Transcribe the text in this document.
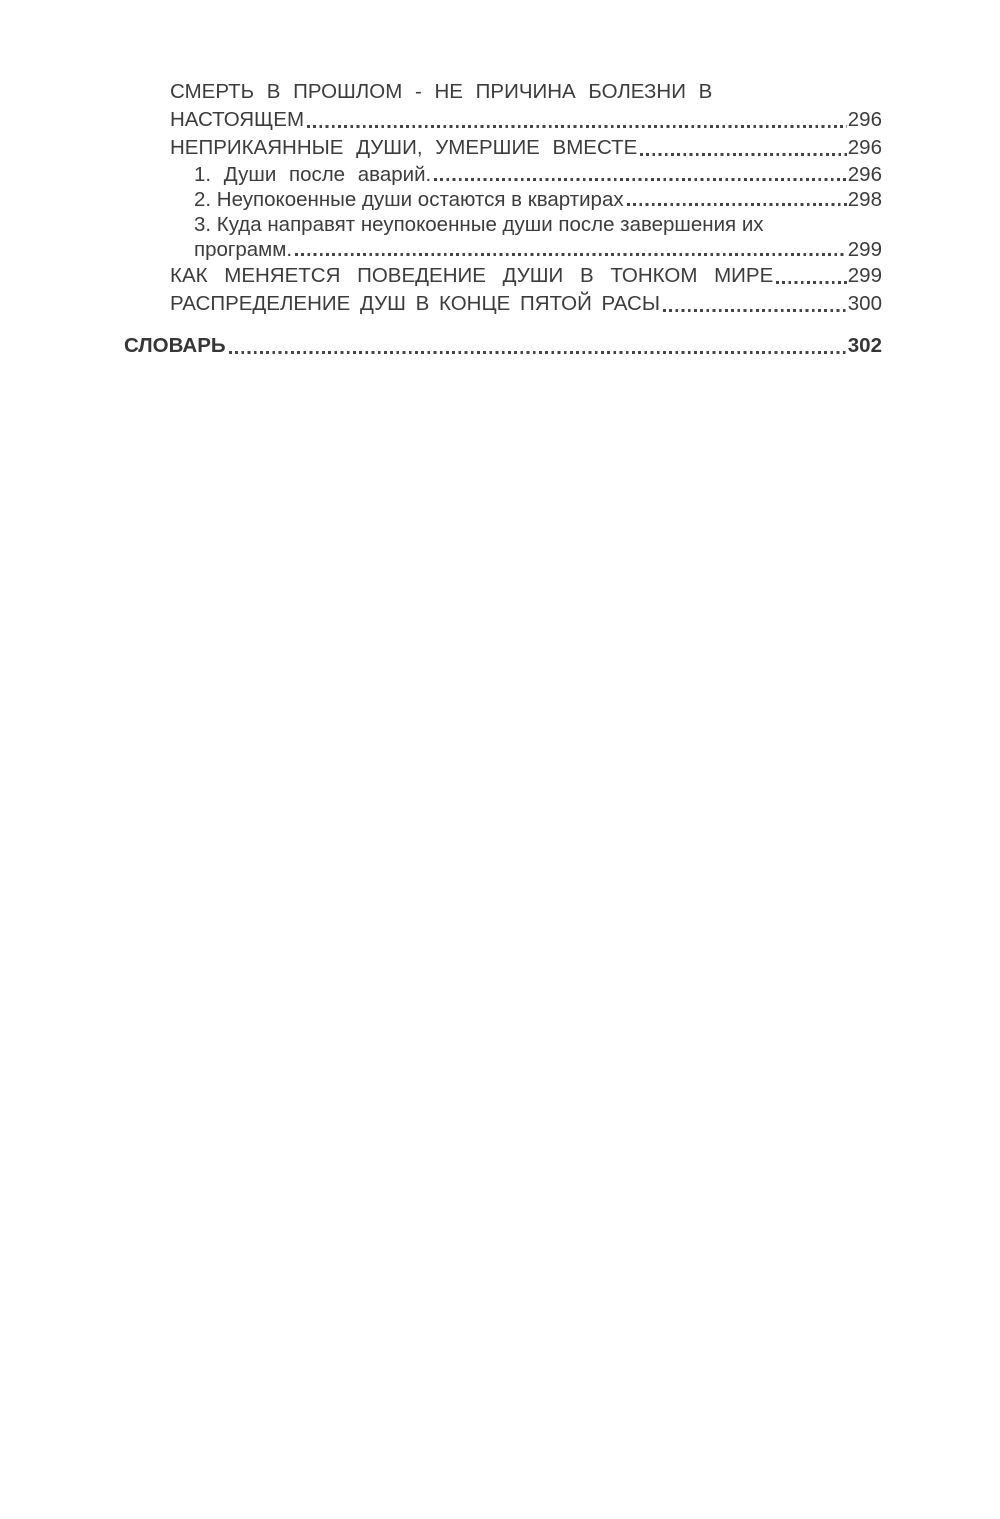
СМЕРТЬ В ПРОШЛОМ - НЕ ПРИЧИНА БОЛЕЗНИ В
НАСТОЯЩЕМ	296
НЕПРИКАЯННЫЕ ДУШИ, УМЕРШИЕ ВМЕСТЕ	296
1. Души после аварий.	296
2. Неупокоенные души остаются в квартирах	298
3. Куда направят неупокоенные души после завершения их
программ.	299
КАК МЕНЯЕТСЯ ПОВЕДЕНИЕ ДУШИ В ТОНКОМ МИРЕ	299
РАСПРЕДЕЛЕНИЕ ДУШ В КОНЦЕ ПЯТОЙ РАСЫ	300
СЛОВАРЬ	302
